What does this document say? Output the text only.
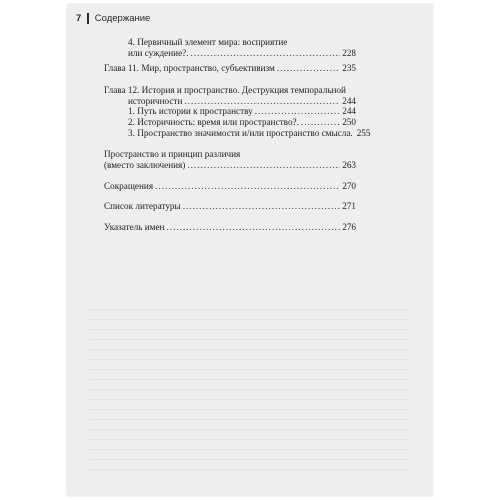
7 Содержание
4. Первичный элемент мира: восприятие
или суждение?. .....	228
Глава 11. Мир, пространство, субъективизм .....	235
Глава 12. История и пространство. Деструкция темпоральной
историчности .....	244
1. Путь истории к пространству .....	244
2. Историчность: время или пространство?. .....	250
3. Пространство значимости и/или пространство смысла. 255
Пространство и принцип различия
(вместо заключения) .....	263
Сокращения .....	270
Список литературы .....	271
Указатель имен .....	276
